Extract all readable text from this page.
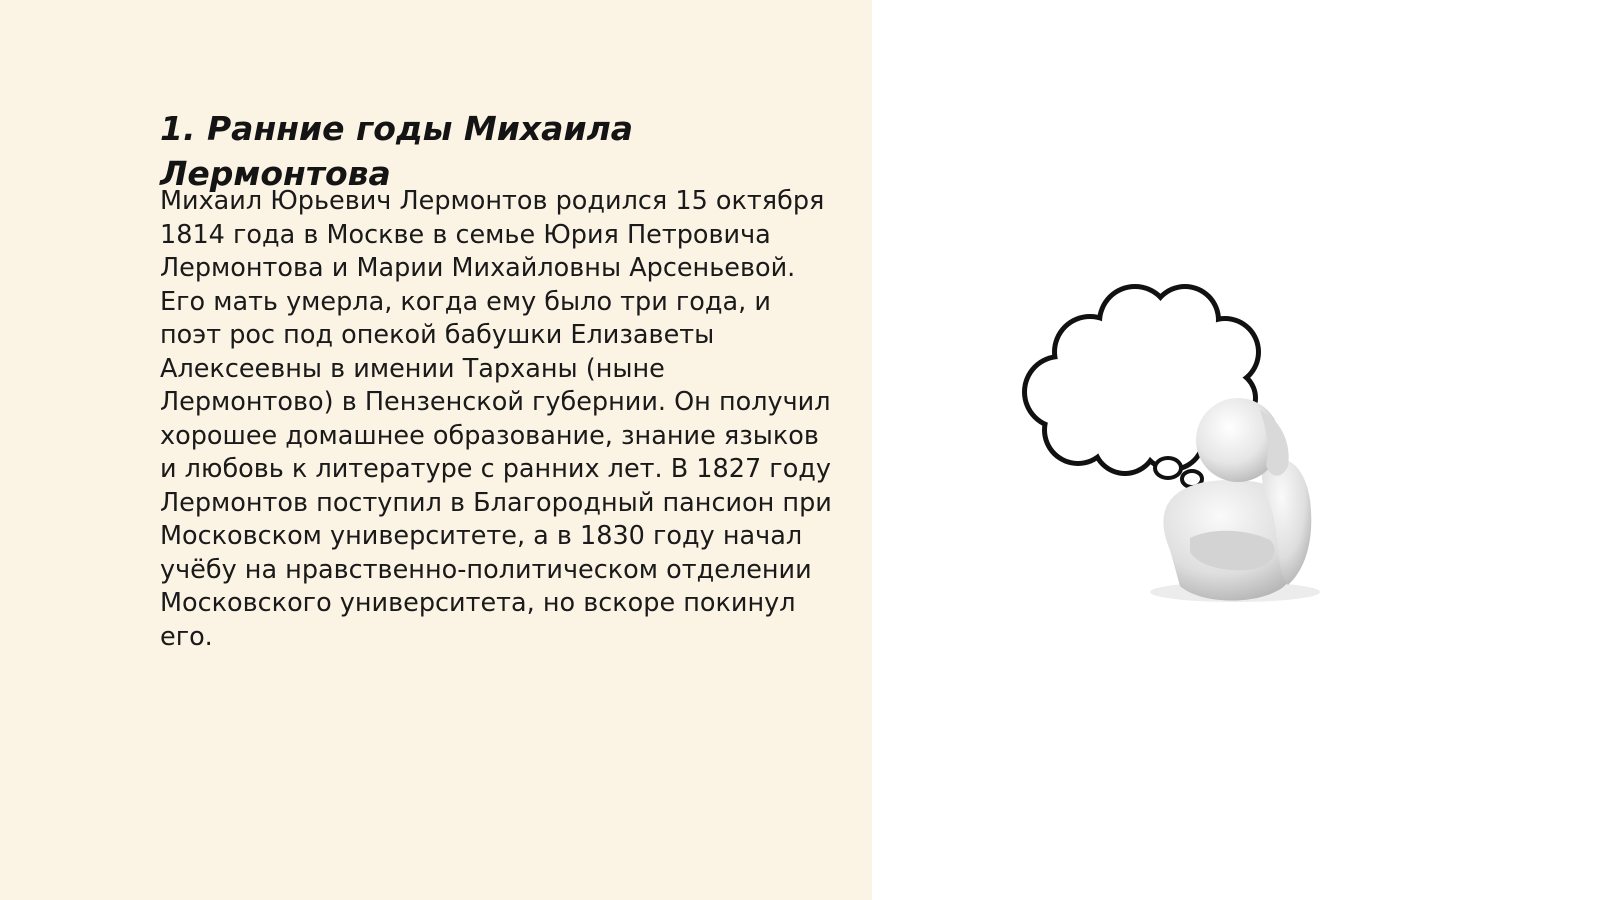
1. Ранние годы Михаила Лермонтова

Михаил Юрьевич Лермонтов родился 15 октября 1814 года в Москве в семье Юрия Петровича Лермонтова и Марии Михайловны Арсеньевой. Его мать умерла, когда ему было три года, и поэт рос под опекой бабушки Елизаветы Алексеевны в имении Тарханы (ныне Лермонтово) в Пензенской губернии. Он получил хорошее домашнее образование, знание языков и любовь к литературе с ранних лет. В 1827 году Лермонтов поступил в Благородный пансион при Московском университете, а в 1830 году начал учёбу на нравственно-политическом отделении Московского университета, но вскоре покинул его.
